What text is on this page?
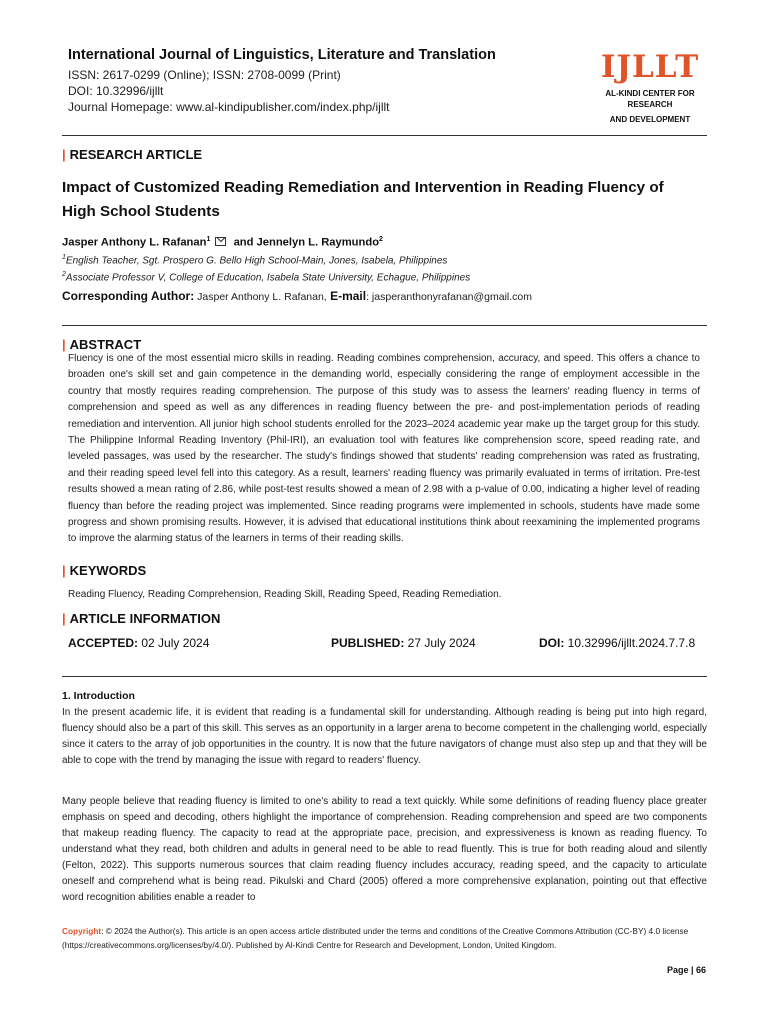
International Journal of Linguistics, Literature and Translation
ISSN: 2617-0299 (Online); ISSN: 2708-0099 (Print)
DOI: 10.32996/ijllt
Journal Homepage: www.al-kindipublisher.com/index.php/ijllt
IJLLT
AL-KINDI CENTER FOR RESEARCH
AND DEVELOPMENT
| RESEARCH ARTICLE
Impact of Customized Reading Remediation and Intervention in Reading Fluency of
High School Students
Jasper Anthony L. Rafanan$^1$ and Jennelyn L. Raymundo$^2$
$^1$English Teacher, Sgt. Prospero G. Bello High School-Main, Jones, Isabela, Philippines
$^2$Associate Professor V, College of Education, Isabela State University, Echague, Philippines
Corresponding Author: Jasper Anthony L. Rafanan, E-mail: jasperanthonyrafanan@gmail.com
| ABSTRACT
Fluency is one of the most essential micro skills in reading. Reading combines comprehension, accuracy, and speed. This offers a chance to broaden one's skill set and gain competence in the demanding world, especially considering the range of employment accessible in the country that mostly requires reading comprehension. The purpose of this study was to assess the learners' reading fluency in terms of comprehension and speed as well as any differences in reading fluency between the pre- and post-implementation periods of reading remediation and intervention. All junior high school students enrolled for the 2023–2024 academic year make up the target group for this study. The Philippine Informal Reading Inventory (Phil-IRI), an evaluation tool with features like comprehension score, speed reading rate, and leveled passages, was used by the researcher. The study's findings showed that students' reading comprehension was rated as frustrating, and their reading speed level fell into this category. As a result, learners' reading fluency was primarily evaluated in terms of irritation. Pre-test results showed a mean rating of 2.86, while post-test results showed a mean of 2.98 with a p-value of 0.00, indicating a higher level of reading fluency than before the reading project was implemented. Since reading programs were implemented in schools, students have made some progress and shown promising results. However, it is advised that educational institutions think about reexamining the implemented programs to improve the alarming status of the learners in terms of their reading skills.
| KEYWORDS
Reading Fluency, Reading Comprehension, Reading Skill, Reading Speed, Reading Remediation.
| ARTICLE INFORMATION
ACCEPTED: 02 July 2024	PUBLISHED: 27 July 2024	DOI: 10.32996/ijllt.2024.7.7.8
1. Introduction
In the present academic life, it is evident that reading is a fundamental skill for understanding. Although reading is being put into high regard, fluency should also be a part of this skill. This serves as an opportunity in a larger arena to become competent in the challenging world, especially since it caters to the array of job opportunities in the country. It is now that the future navigators of change must also step up and that they will be able to cope with the trend by managing the issue with regard to readers' fluency.
Many people believe that reading fluency is limited to one's ability to read a text quickly. While some definitions of reading fluency place greater emphasis on speed and decoding, others highlight the importance of comprehension. Reading comprehension and speed are two components that makeup reading fluency. The capacity to read at the appropriate pace, precision, and expressiveness is known as reading fluency. To understand what they read, both children and adults in general need to be able to read fluently. This is true for both reading aloud and silently (Felton, 2022). This supports numerous sources that claim reading fluency includes accuracy, reading speed, and the capacity to articulate oneself and comprehend what is being read. Pikulski and Chard (2005) offered a more comprehensive explanation, pointing out that effective word recognition abilities enable a reader to
Copyright: © 2024 the Author(s). This article is an open access article distributed under the terms and conditions of the Creative Commons Attribution (CC-BY) 4.0 license (https://creativecommons.org/licenses/by/4.0/). Published by Al-Kindi Centre for Research and Development, London, United Kingdom.
Page | 66
